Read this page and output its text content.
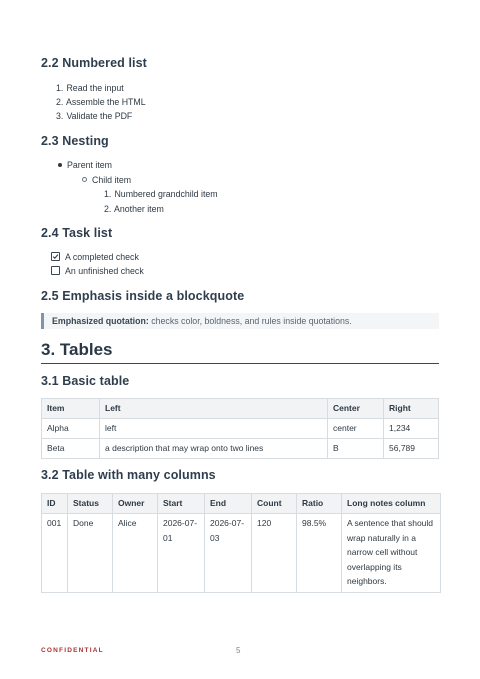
2.2 Numbered list
1. Read the input
2. Assemble the HTML
3. Validate the PDF
2.3 Nesting
Parent item
Child item
1. Numbered grandchild item
2. Another item
2.4 Task list
A completed check
An unfinished check
2.5 Emphasis inside a blockquote
Emphasized quotation: checks color, boldness, and rules inside quotations.
3. Tables
3.1 Basic table
Item	Left	Center	Right
Alpha	left	center	1,234
Beta	a description that may wrap onto two lines	B	56,789
3.2 Table with many columns
ID	Status	Owner	Start	End	Count	Ratio	Long notes column
001	Done	Alice	2026-07-01	2026-07-03	120	98.5%	A sentence that should wrap naturally in a narrow cell without overlapping its neighbors.
CONFIDENTIAL	5
